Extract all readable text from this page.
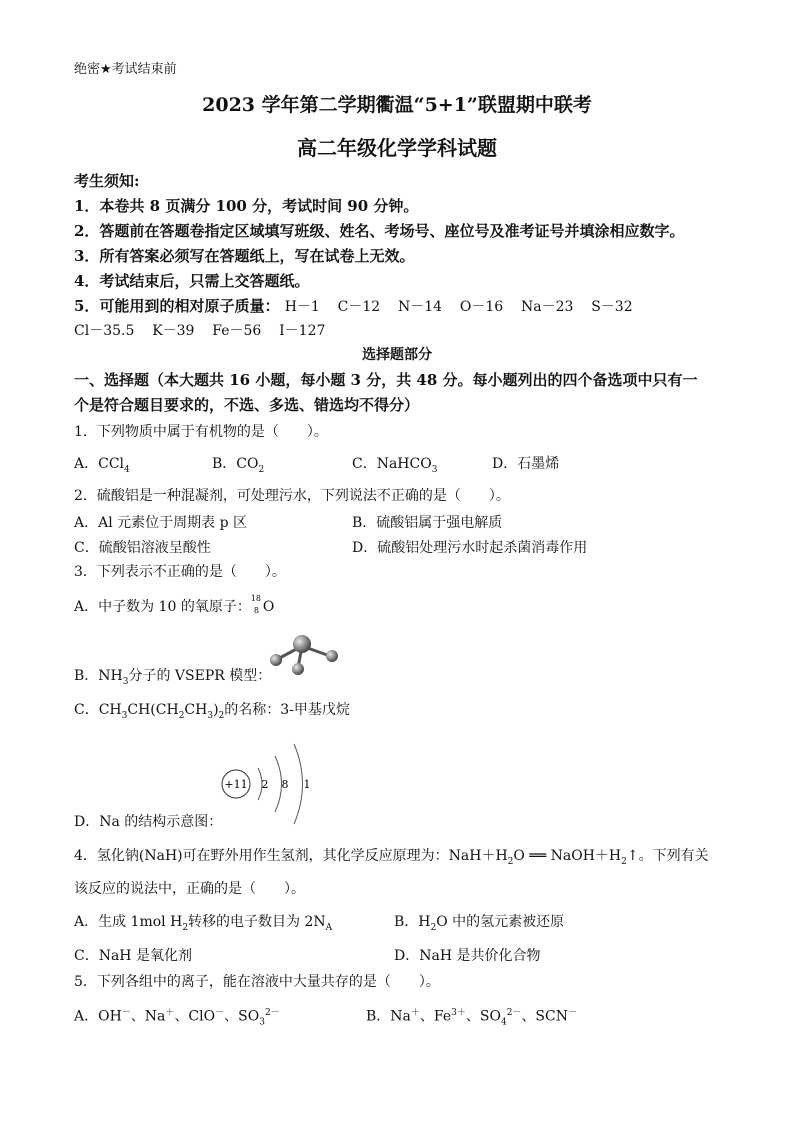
绝密★考试结束前
2023 学年第二学期衢温“5+1”联盟期中联考
高二年级化学学科试题
考生须知:
1．本卷共 8 页满分 100 分，考试时间 90 分钟。
2．答题前在答题卷指定区域填写班级、姓名、考场号、座位号及准考证号并填涂相应数字。
3．所有答案必须写在答题纸上，写在试卷上无效。
4．考试结束后，只需上交答题纸。
5．可能用到的相对原子质量： H－1 C－12 N－14 O－16 Na－23 S－32
Cl－35.5 K－39 Fe－56 I－127
选择题部分
一、选择题（本大题共 16 小题，每小题 3 分，共 48 分。每小题列出的四个备选项中只有一
个是符合题目要求的，不选、多选、错选均不得分）
1．下列物质中属于有机物的是（　　）。
A．CCl$_4$	B．$CO_2$	C．NaHCO$_3$	D．石墨烯
2．硫酸铝是一种混凝剂，可处理污水，下列说法不正确的是（　　）。
A．Al 元素位于周期表 p 区	B．硫酸铝属于强电解质
C．硫酸铝溶液呈酸性	D．硫酸铝处理污水时起杀菌消毒作用
3．下列表示不正确的是（　　）。
A．中子数为 10 的氧原子：
18
8 O
B．$NH_3$分子的 VSEPR 模型：
C．$CH_3CH(CH_2CH_3)_2$的名称：3-甲基戊烷
+11 2 8 1
D．Na 的结构示意图：
4．氢化钠(NaH)可在野外用作生氢剂，其化学反应原理为：$NaH+H_2O$ ══ $NaOH+H_2↑$。下列有关
该反应的说法中，正确的是（　　）。
A．生成 1mol $H_2$转移的电子数目为 $2N_A$	B．$H_2O$ 中的氢元素被还原
C．NaH 是氧化剂	D．NaH 是共价化合物
5．下列各组中的离子，能在溶液中大量共存的是（　　）。
A．OH－、Na＋、ClO－、$SO_3^{2-}$	B．Na＋、$Fe^{3+}$、$SO_4^{2-}$、SCN－
